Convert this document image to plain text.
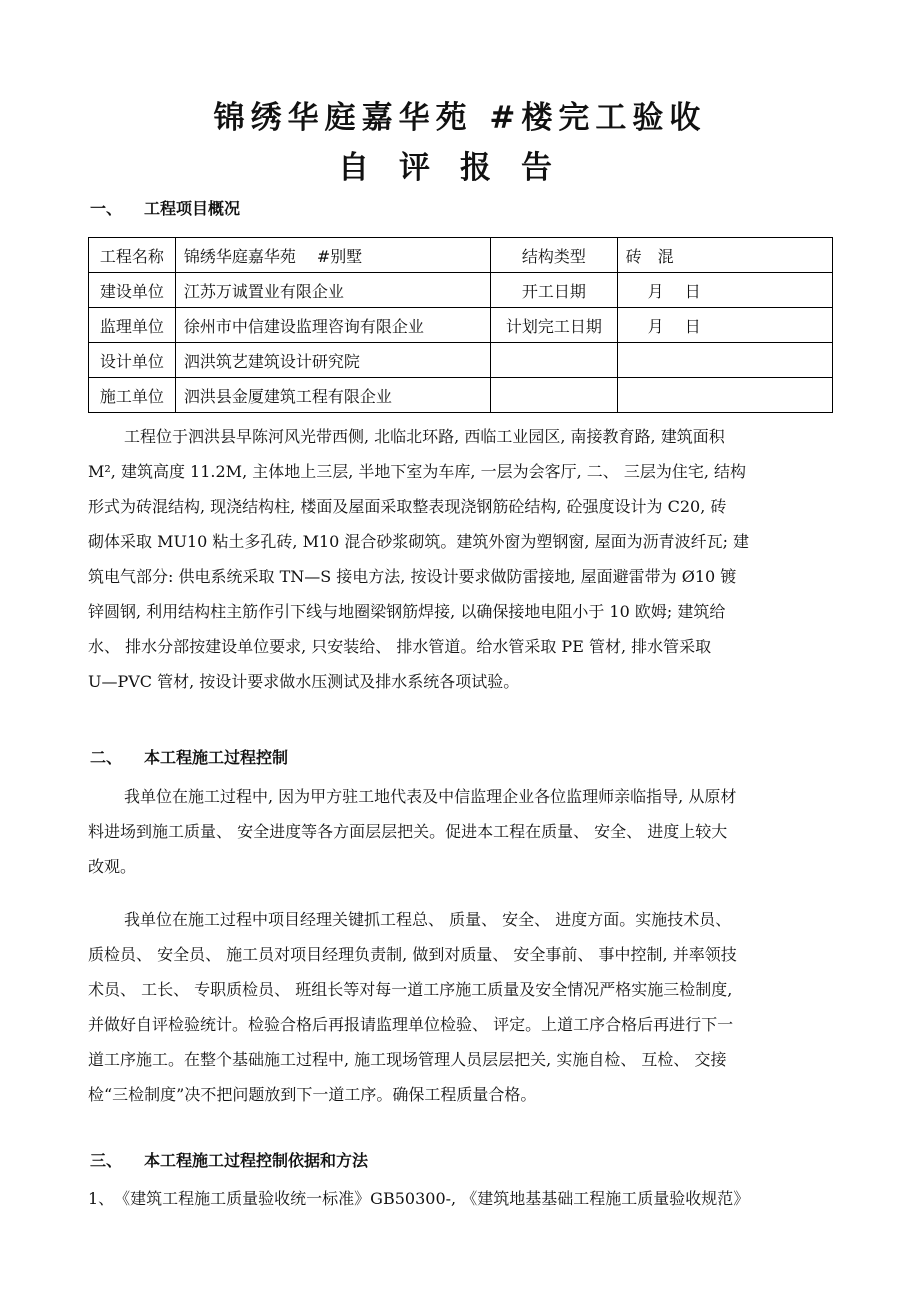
锦绣华庭嘉华苑 #楼完工验收
自评报告
一、 工程项目概况
工程名称	锦绣华庭嘉华苑　 #别墅	结构类型	砖　混
建设单位	江苏万诚置业有限企业	开工日期	月　 日
监理单位	徐州市中信建设监理咨询有限企业	计划完工日期	月　 日
设计单位	泗洪筑艺建筑设计研究院		
施工单位	泗洪县金厦建筑工程有限企业		
工程位于泗洪县早陈河风光带西侧, 北临北环路, 西临工业园区, 南接教育路, 建筑面积
M², 建筑高度 11.2M, 主体地上三层, 半地下室为车库, 一层为会客厅, 二、 三层为住宅, 结构
形式为砖混结构, 现浇结构柱, 楼面及屋面采取整表现浇钢筋砼结构, 砼强度设计为 C20, 砖
砌体采取 MU10 粘土多孔砖, M10 混合砂浆砌筑。建筑外窗为塑钢窗, 屋面为沥青波纤瓦; 建
筑电气部分: 供电系统采取 TN—S 接电方法, 按设计要求做防雷接地, 屋面避雷带为 Ø10 镀
锌圆钢, 利用结构柱主筋作引下线与地圈梁钢筋焊接, 以确保接地电阻小于 10 欧姆; 建筑给
水、 排水分部按建设单位要求, 只安装给、 排水管道。给水管采取 PE 管材, 排水管采取
U—PVC 管材, 按设计要求做水压测试及排水系统各项试验。
二、 本工程施工过程控制
我单位在施工过程中, 因为甲方驻工地代表及中信监理企业各位监理师亲临指导, 从原材
料进场到施工质量、 安全进度等各方面层层把关。促进本工程在质量、 安全、 进度上较大
改观。
我单位在施工过程中项目经理关键抓工程总、 质量、 安全、 进度方面。实施技术员、
质检员、 安全员、 施工员对项目经理负责制, 做到对质量、 安全事前、 事中控制, 并率领技
术员、 工长、 专职质检员、 班组长等对每一道工序施工质量及安全情况严格实施三检制度,
并做好自评检验统计。检验合格后再报请监理单位检验、 评定。上道工序合格后再进行下一
道工序施工。在整个基础施工过程中, 施工现场管理人员层层把关, 实施自检、 互检、 交接
检“三检制度”决不把问题放到下一道工序。确保工程质量合格。
三、 本工程施工过程控制依据和方法
1、　《建筑工程施工质量验收统一标准》GB50300-, 《建筑地基基础工程施工质量验收规范》
